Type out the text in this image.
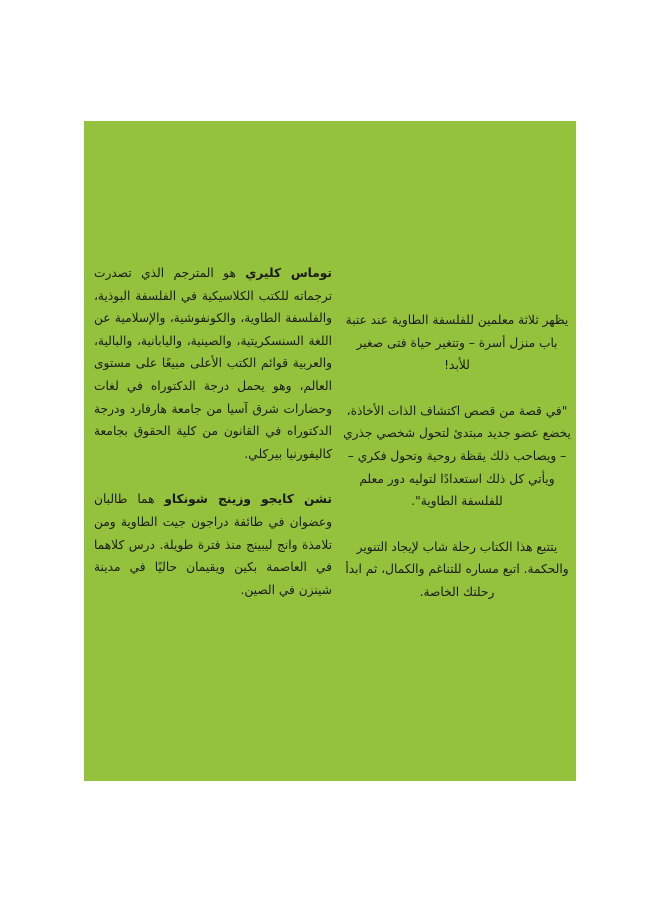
توماس كليري هو المترجم الذي تصدرت ترجماته للكتب الكلاسيكية في الفلسفة البوذية، والفلسفة الطاوية، والكونفوشية، والإسلامية عن اللغة السنسكريتية، والصينية، واليابانية، والبالية، والعربية قوائم الكتب الأعلى مبيعًا على مستوى العالم، وهو يحمل درجة الدكتوراه في لغات وحضارات شرق آسيا من جامعة هارفارد ودرجة الدكتوراه في القانون من كلية الحقوق بجامعة كاليفورنيا بيركلي.

تشن كايجو وزينج شونكاو هما طالبان وعضوان في طائفة دراجون جيت الطاوية ومن تلامذة وانج ليبينج منذ فترة طويلة. درس كلاهما في العاصمة بكين ويقيمان حاليًا في مدينة شينزن في الصين.

يظهر ثلاثة معلمين للفلسفة الطاوية عند عتبة باب منزل أسرة – وتتغير حياة فتى صغير للأبد!

"في قصة من قصص اكتشاف الذات الأخاذة، يخضع عضو جديد مبتدئ لتحول شخصي جذري – ويصاحب ذلك يقظة روحية وتحول فكري – ويأتي كل ذلك استعدادًا لتوليه دور معلم للفلسفة الطاوية".

يتتبع هذا الكتاب رحلة شاب لإيجاد التنوير والحكمة. اتبع مساره للتناغم والكمال، ثم ابدأ رحلتك الخاصة.
